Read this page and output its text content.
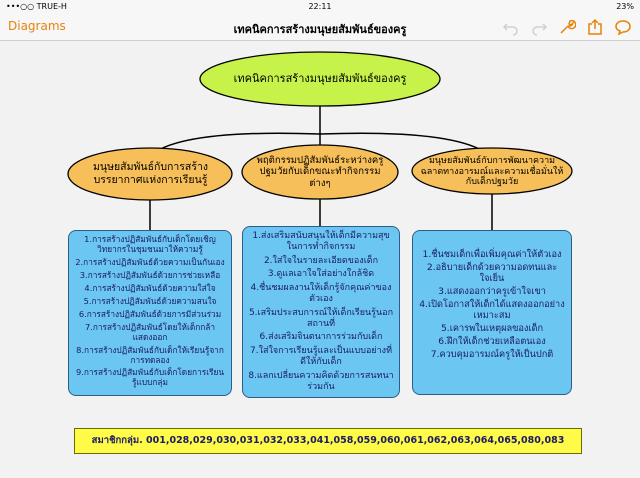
•••○○ TRUE-H	22:11	23%
Diagrams	เทคนิคการสร้างมนุษยสัมพันธ์ของครู
เทคนิคการสร้างมนุษยสัมพันธ์ของครู
มนุษยสัมพันธ์กับการสร้างบรรยากาศแห่งการเรียนรู้
พฤติกรรมปฏิสัมพันธ์ระหว่างครูปฐมวัยกับเด็กขณะทำกิจกรรมต่างๆ
มนุษยสัมพันธ์กับการพัฒนาความฉลาดทางอารมณ์และความเชื่อมั่นให้กับเด็กปฐมวัย
1.การสร้างปฏิสัมพันธ์กับเด็กโดยเชิญวิทยากรในชุมชนมาให้ความรู้
2.การสร้างปฏิสัมพันธ์ด้วยความเป็นกันเอง
3.การสร้างปฏิสัมพันธ์ด้วยการช่วยเหลือ
4.การสร้างปฏิสัมพันธ์ด้วยความใส่ใจ
5.การสร้างปฏิสัมพันธ์ด้วยความสนใจ
6.การสร้างปฏิสัมพันธ์ด้วยการมีส่วนร่วม
7.การสร้างปฏิสัมพันธ์โดยให้เด็กกล้าแสดงออก
8.การสร้างปฏิสัมพันธ์กับเด็กให้เรียนรู้จากการทดลอง
9.การสร้างปฏิสัมพันธ์กับเด็กโดยการเรียนรู้แบบกลุ่ม
1.ส่งเสริมสนับสนุนให้เด็กมีความสุขในการทำกิจกรรม
2.ใส่ใจในรายละเอียดของเด็ก
3.ดูแลเอาใจใส่อย่างใกล้ชิด
4.ชื่นชมผลงานให้เด็กรู้จักคุณค่าของตัวเอง
5.เสริมประสบการณ์ให้เด็กเรียนรู้นอกสถานที่
6.ส่งเสริมจินตนาการร่วมกับเด็ก
7.ใส่ใจการเรียนรู้และเป็นแบบอย่างที่ดีให้กับเด็ก
8.แลกเปลี่ยนความคิดด้วยการสนทนาร่วมกัน
1.ชื่นชมเด็กเพื่อเพิ่มคุณค่าให้ตัวเอง
2.อธิบายเด็กด้วยความอดทนและใจเย็น
3.แสดงออกว่าครูเข้าใจเขา
4.เปิดโอกาสให้เด็กได้แสดงออกอย่างเหมาะสม
5.เคารพในเหตุผลของเด็ก
6.ฝึกให้เด็กช่วยเหลือตนเอง
7.ควบคุมอารมณ์ครูให้เป็นปกติ
สมาชิกกลุ่ม. 001,028,029,030,031,032,033,041,058,059,060,061,062,063,064,065,080,083
